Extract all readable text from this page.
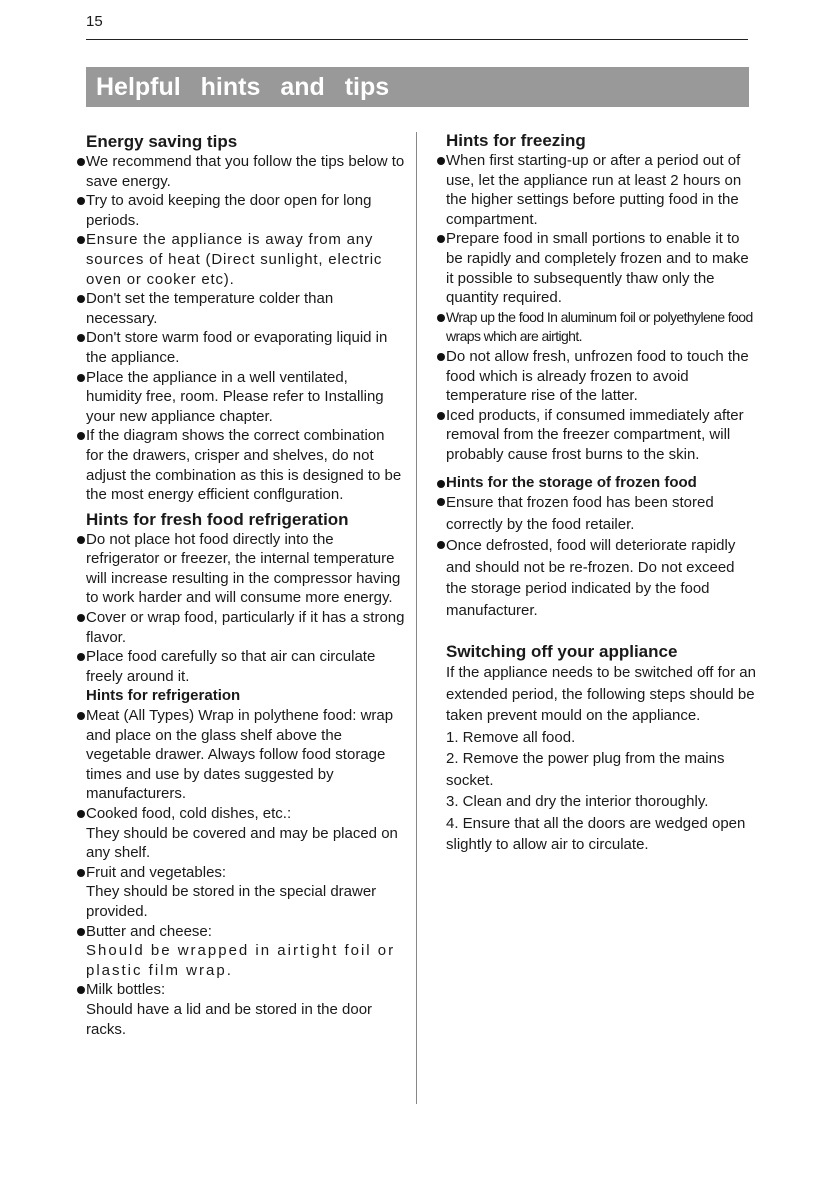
15
Helpful hints and tips
Energy saving tips
We recommend that you follow the tips below to save energy.
Try to avoid keeping the door open for long periods.
Ensure the appliance is away from any sources of heat (Direct sunlight, electric oven or cooker etc).
Don't set the temperature colder than necessary.
Don't store warm food or evaporating liquid in the appliance.
Place the appliance in a well ventilated, humidity free, room. Please refer to Installing your new appliance chapter.
If the diagram shows the correct combination for the drawers, crisper and shelves, do not adjust the combination as this is designed to be the most energy efficient conflguration.
Hints for fresh food refrigeration
Do not place hot food directly into the refrigerator or freezer, the internal temperature will increase resulting in the compressor having to work harder and will consume more energy.
Cover or wrap food, particularly if it has a strong flavor.
Place food carefully so that air can circulate freely around it.
Hints for refrigeration
Meat (All Types) Wrap in polythene food: wrap and place on the glass shelf above the vegetable drawer. Always follow food storage times and use by dates suggested by manufacturers.
Cooked food, cold dishes, etc.:
They should be covered and may be placed on any shelf.
Fruit and vegetables:
They should be stored in the special drawer provided.
Butter and cheese:
Should be wrapped in airtight foil or plastic film wrap.
Milk bottles:
Should have a lid and be stored in the door racks.
Hints for freezing
When first starting-up or after a period out of use, let the appliance run at least 2 hours on the higher settings before putting food in the compartment.
Prepare food in small portions to enable it to be rapidly and completely frozen and to make it possible to subsequently thaw only the quantity required.
Wrap up the food In aluminum foil or polyethylene food wraps which are airtight.
Do not allow fresh, unfrozen food to touch the food which is already frozen to avoid temperature rise of the latter.
Iced products, if consumed immediately after removal from the freezer compartment, will probably cause frost burns to the skin.
Hints for the storage of frozen food
Ensure that frozen food has been stored correctly by the food retailer.
Once defrosted, food will deteriorate rapidly and should not be re-frozen. Do not exceed the storage period indicated by the food manufacturer.
Switching off your appliance

If the appliance needs to be switched off for an extended period, the following steps should be taken prevent mould on the appliance.

1. Remove all food.

2. Remove the power plug from the mains socket.

3. Clean and dry the interior thoroughly.

4. Ensure that all the doors are wedged open slightly to allow air to circulate.
